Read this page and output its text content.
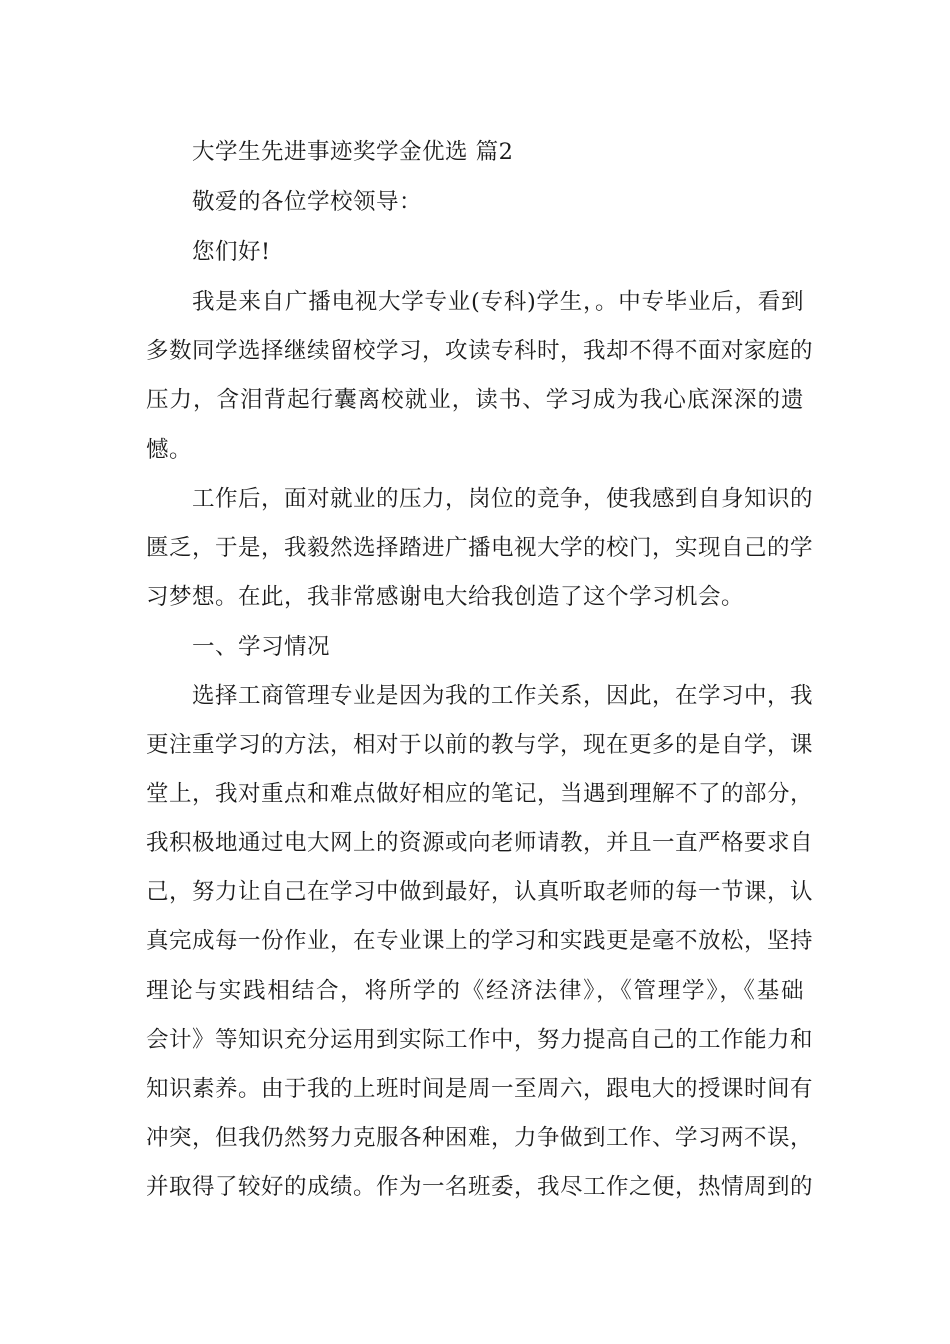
大学生先进事迹奖学金优选 篇2
敬爱的各位学校领导：
您们好!
我是来自广播电视大学专业(专科)学生，。中专毕业后，看到
多数同学选择继续留校学习，攻读专科时，我却不得不面对家庭的
压力，含泪背起行囊离校就业，读书、学习成为我心底深深的遗
憾。
工作后，面对就业的压力，岗位的竞争，使我感到自身知识的
匮乏，于是，我毅然选择踏进广播电视大学的校门，实现自己的学
习梦想。在此，我非常感谢电大给我创造了这个学习机会。
一、学习情况
选择工商管理专业是因为我的工作关系，因此，在学习中，我
更注重学习的方法，相对于以前的教与学，现在更多的是自学，课
堂上，我对重点和难点做好相应的笔记，当遇到理解不了的部分，
我积极地通过电大网上的资源或向老师请教，并且一直严格要求自
己，努力让自己在学习中做到最好，认真听取老师的每一节课，认
真完成每一份作业，在专业课上的学习和实践更是毫不放松，坚持
理论与实践相结合，将所学的《经济法律》，《管理学》，《基础
会计》等知识充分运用到实际工作中，努力提高自己的工作能力和
知识素养。由于我的上班时间是周一至周六，跟电大的授课时间有
冲突，但我仍然努力克服各种困难，力争做到工作、学习两不误，
并取得了较好的成绩。作为一名班委，我尽工作之便，热情周到的
